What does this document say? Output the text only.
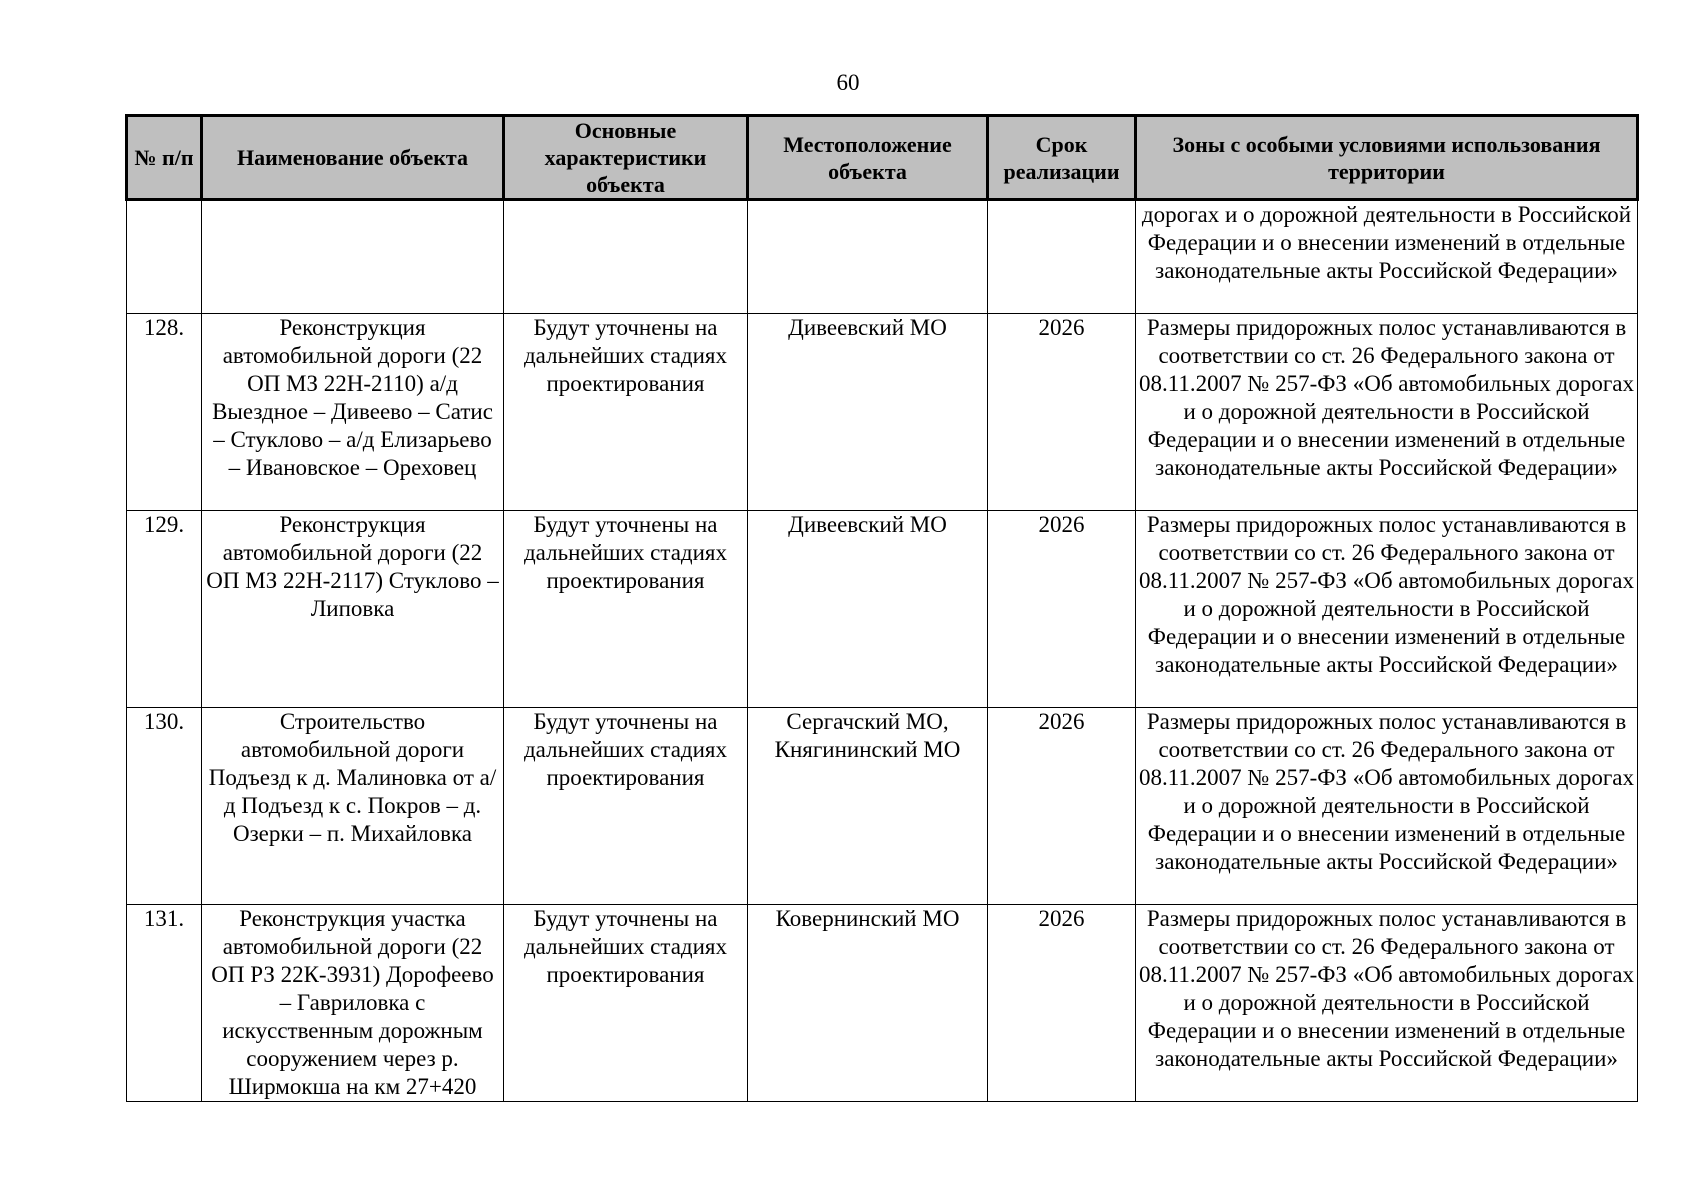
60
№ п/п	Наименование объекта	Основные характеристики объекта	Местоположение объекта	Срок реализации	Зоны с особыми условиями использования территории
					дорогах и о дорожной деятельности в Российской Федерации и о внесении изменений в отдельные законодательные акты Российской Федерации»
128.	Реконструкция автомобильной дороги (22 ОП МЗ 22Н-2110) а/д Выездное – Дивеево – Сатис – Стуклово – а/д Елизарьево – Ивановское – Ореховец	Будут уточнены на дальнейших стадиях проектирования	Дивеевский МО	2026	Размеры придорожных полос устанавливаются в соответствии со ст. 26 Федерального закона от 08.11.2007 № 257-ФЗ «Об автомобильных дорогах и о дорожной деятельности в Российской Федерации и о внесении изменений в отдельные законодательные акты Российской Федерации»
129.	Реконструкция автомобильной дороги (22 ОП МЗ 22Н-2117) Стуклово – Липовка	Будут уточнены на дальнейших стадиях проектирования	Дивеевский МО	2026	Размеры придорожных полос устанавливаются в соответствии со ст. 26 Федерального закона от 08.11.2007 № 257-ФЗ «Об автомобильных дорогах и о дорожной деятельности в Российской Федерации и о внесении изменений в отдельные законодательные акты Российской Федерации»
130.	Строительство автомобильной дороги Подъезд к д. Малиновка от а/д Подъезд к с. Покров – д. Озерки – п. Михайловка	Будут уточнены на дальнейших стадиях проектирования	Сергачский МО, Княгининский МО	2026	Размеры придорожных полос устанавливаются в соответствии со ст. 26 Федерального закона от 08.11.2007 № 257-ФЗ «Об автомобильных дорогах и о дорожной деятельности в Российской Федерации и о внесении изменений в отдельные законодательные акты Российской Федерации»
131.	Реконструкция участка автомобильной дороги (22 ОП РЗ 22К-3931) Дорофеево – Гавриловка с искусственным дорожным сооружением через р. Ширмокша на км 27+420	Будут уточнены на дальнейших стадиях проектирования	Ковернинский МО	2026	Размеры придорожных полос устанавливаются в соответствии со ст. 26 Федерального закона от 08.11.2007 № 257-ФЗ «Об автомобильных дорогах и о дорожной деятельности в Российской Федерации и о внесении изменений в отдельные законодательные акты Российской Федерации»
